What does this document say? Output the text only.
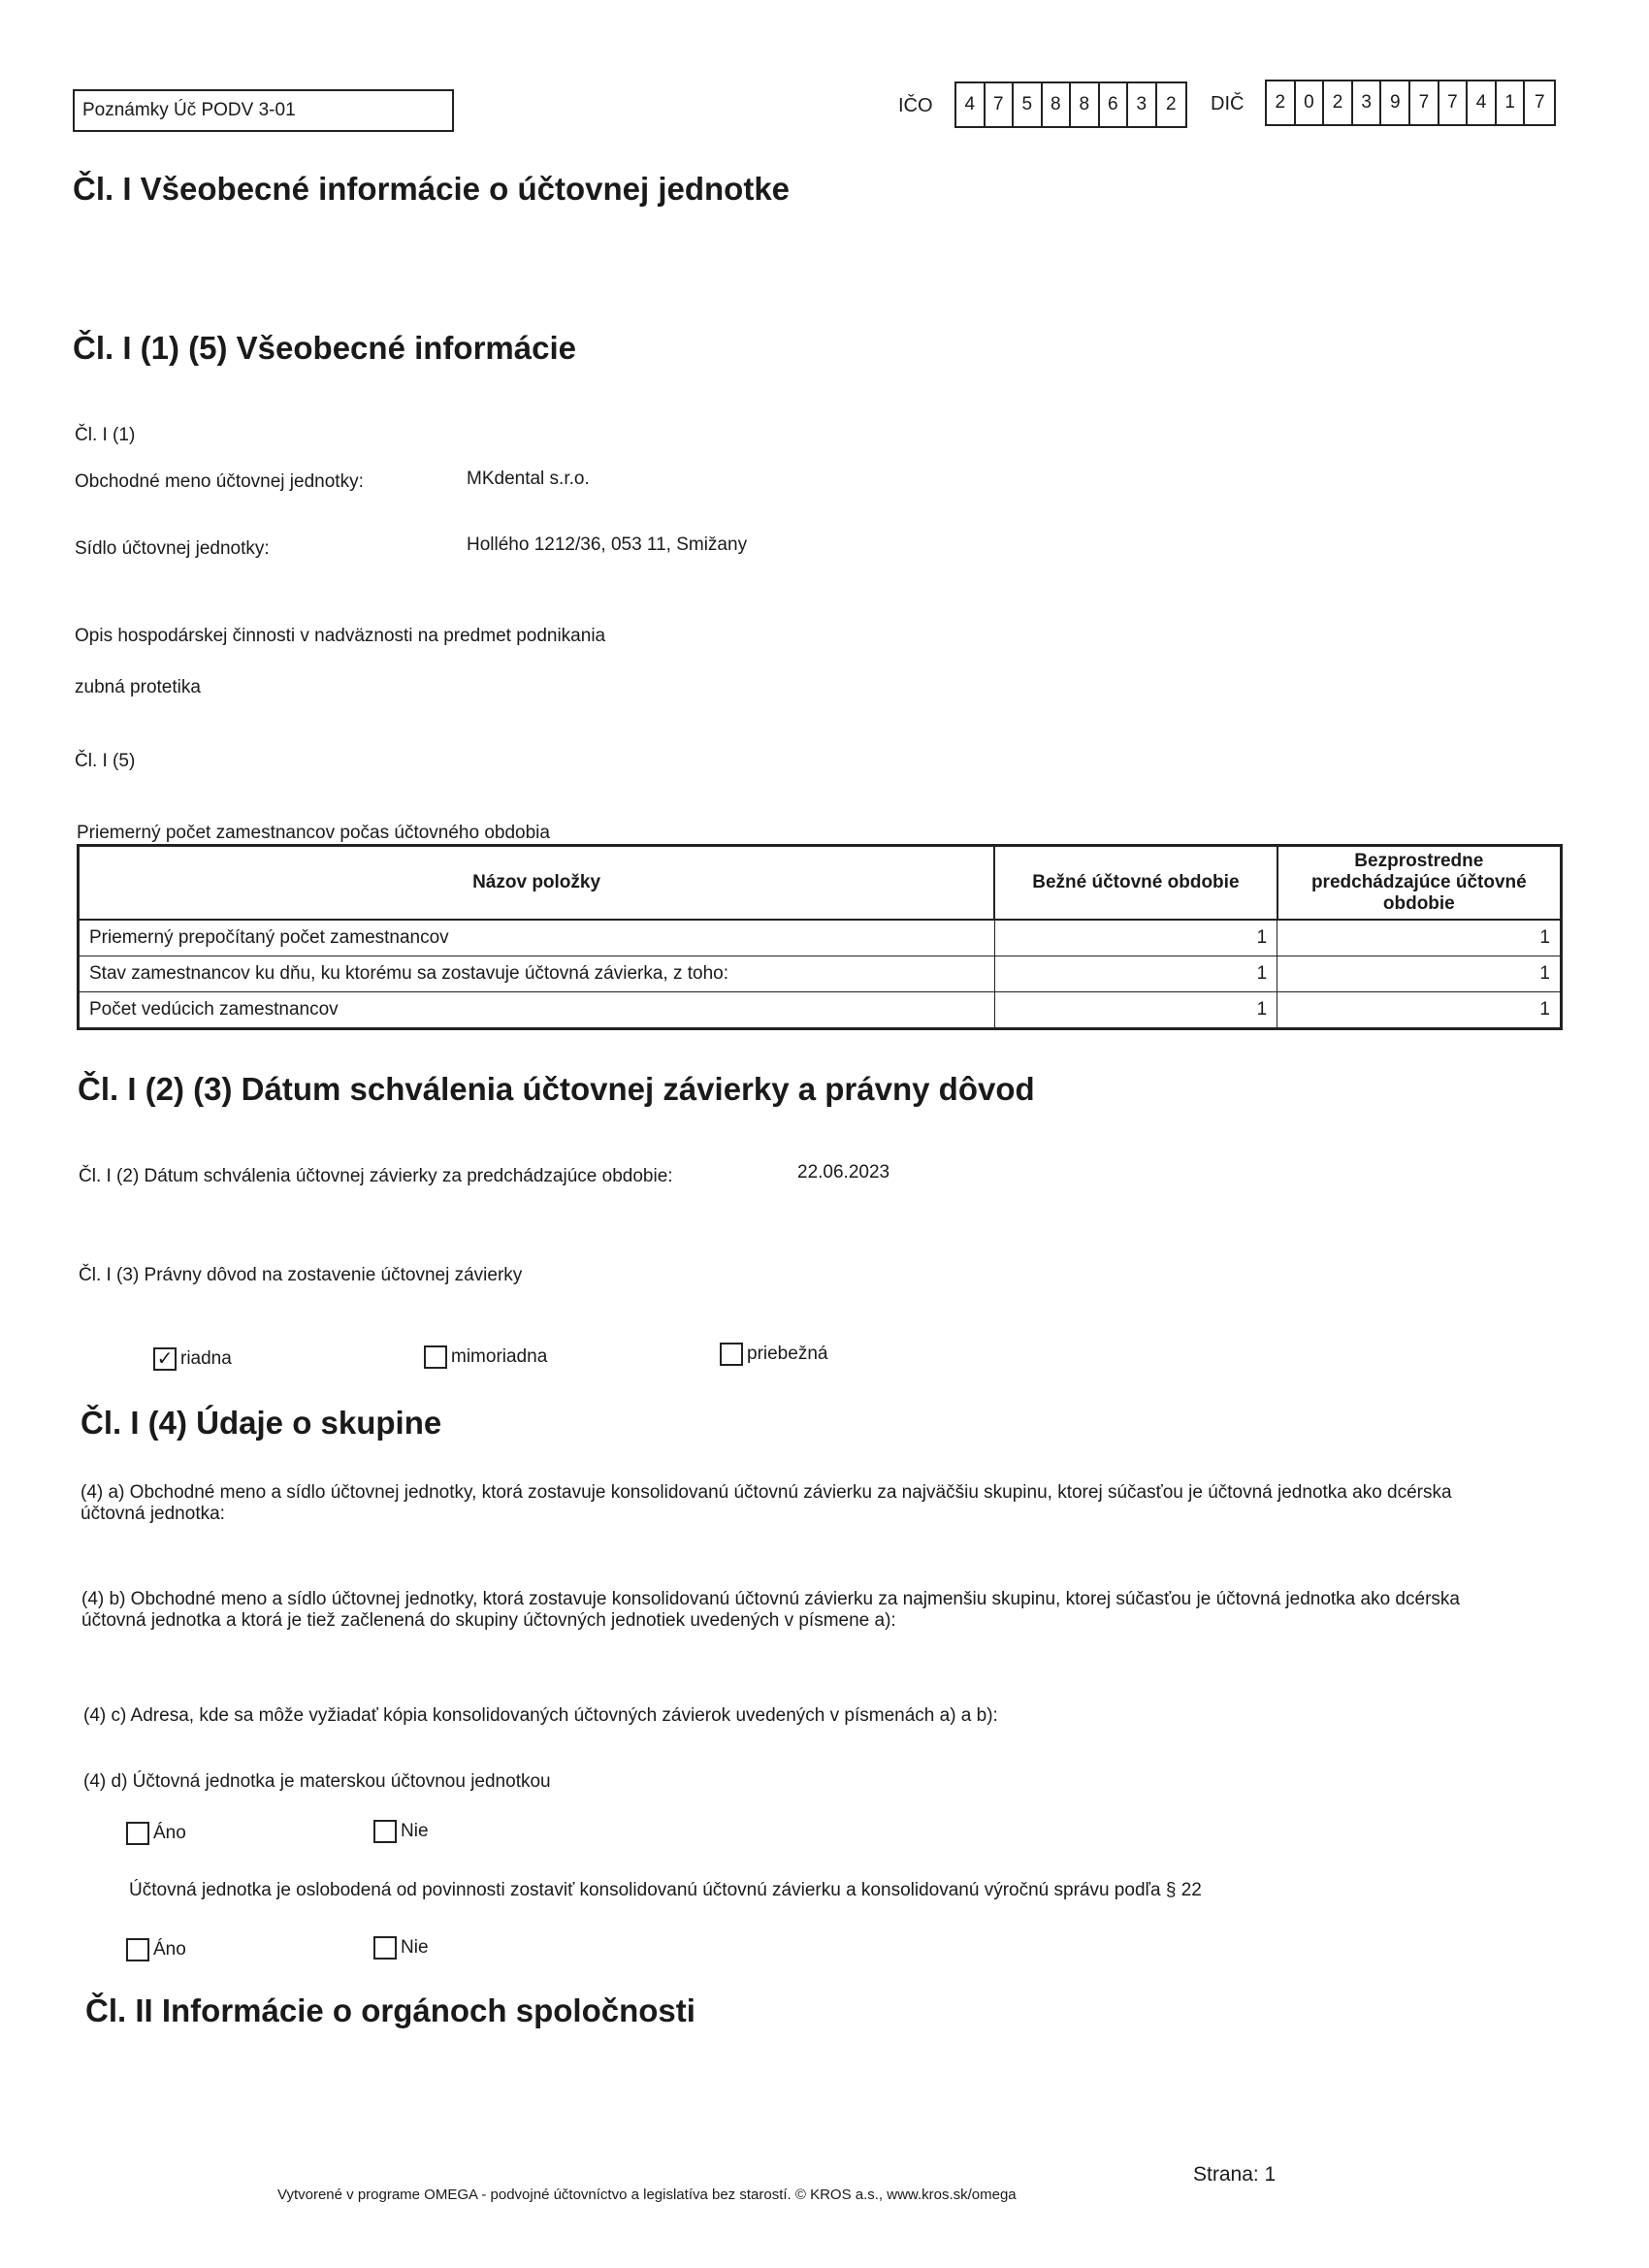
Poznámky Úč PODV 3-01	IČO	4 7 5 8 8 6 3	2	DIČ	2	0	2	3	9	7	7	4	1	7
Čl. I Všeobecné informácie o účtovnej jednotke
Čl. I (1) (5) Všeobecné informácie
Čl. I (1)
Obchodné meno účtovnej jednotky:	MKdental s.r.o.
Sídlo účtovnej jednotky:	Hollého 1212/36, 053 11, Smižany
Opis hospodárskej činnosti v nadväznosti na predmet podnikania
zubná protetika
Čl. I (5)
Priemerný počet zamestnancov počas účtovného obdobia
Názov položky	Bežné účtovné obdobie	Bezprostredne predchádzajúce účtovné obdobie
Priemerný prepočítaný počet zamestnancov	1	1
Stav zamestnancov ku dňu, ku ktorému sa zostavuje účtovná závierka, z toho:	1	1
Počet vedúcich zamestnancov	1	1
Čl. I (2) (3) Dátum schválenia účtovnej závierky a právny dôvod
Čl. I (2) Dátum schválenia účtovnej závierky za predchádzajúce obdobie:	22.06.2023
Čl. I (3) Právny dôvod na zostavenie účtovnej závierky
✓ riadna	mimoriadna	priebežná
Čl. I (4) Údaje o skupine
(4) a) Obchodné meno a sídlo účtovnej jednotky, ktorá zostavuje konsolidovanú účtovnú závierku za najväčšiu skupinu, ktorej súčasťou je účtovná jednotka ako dcérska účtovná jednotka:
(4) b) Obchodné meno a sídlo účtovnej jednotky, ktorá zostavuje konsolidovanú účtovnú závierku za najmenšiu skupinu, ktorej súčasťou je účtovná jednotka ako dcérska účtovná jednotka a ktorá je tiež začlenená do skupiny účtovných jednotiek uvedených v písmene a):
(4) c) Adresa, kde sa môže vyžiadať kópia konsolidovaných účtovných závierok uvedených v písmenách a) a b):
(4) d) Účtovná jednotka je materskou účtovnou jednotkou
Áno	Nie
Účtovná jednotka je oslobodená od povinnosti zostaviť konsolidovanú účtovnú závierku a konsolidovanú výročnú správu podľa § 22
Áno	Nie
Čl. II Informácie o orgánoch spoločnosti
Strana: 1
Vytvorené v programe OMEGA - podvojné účtovníctvo a legislatíva bez starostí. © KROS a.s., www.kros.sk/omega
